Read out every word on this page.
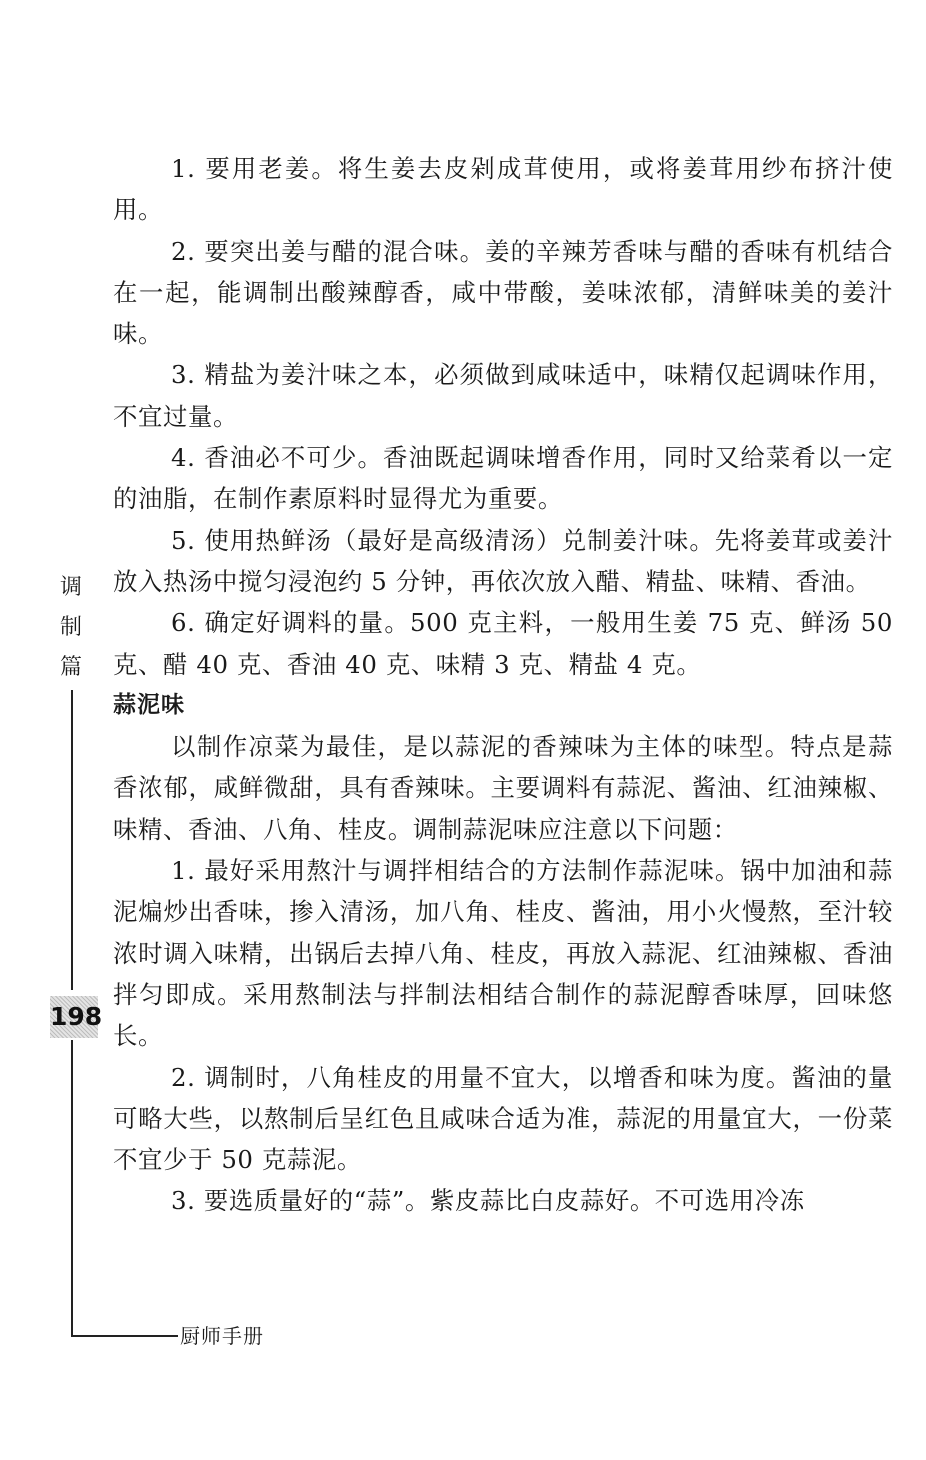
1. 要用老姜。将生姜去皮剁成茸使用，或将姜茸用纱布挤汁使用。

2. 要突出姜与醋的混合味。姜的辛辣芳香味与醋的香味有机结合在一起，能调制出酸辣醇香，咸中带酸，姜味浓郁，清鲜味美的姜汁味。

3. 精盐为姜汁味之本，必须做到咸味适中，味精仅起调味作用，不宜过量。

4. 香油必不可少。香油既起调味增香作用，同时又给菜肴以一定的油脂，在制作素原料时显得尤为重要。

5. 使用热鲜汤（最好是高级清汤）兑制姜汁味。先将姜茸或姜汁放入热汤中搅匀浸泡约 5 分钟，再依次放入醋、精盐、味精、香油。

6. 确定好调料的量。500 克主料，一般用生姜 75 克、鲜汤 50 克、醋 40 克、香油 40 克、味精 3 克、精盐 4 克。

蒜泥味

以制作凉菜为最佳，是以蒜泥的香辣味为主体的味型。特点是蒜香浓郁，咸鲜微甜，具有香辣味。主要调料有蒜泥、酱油、红油辣椒、味精、香油、八角、桂皮。调制蒜泥味应注意以下问题：

1. 最好采用熬汁与调拌相结合的方法制作蒜泥味。锅中加油和蒜泥煸炒出香味，掺入清汤，加八角、桂皮、酱油，用小火慢熬，至汁较浓时调入味精，出锅后去掉八角、桂皮，再放入蒜泥、红油辣椒、香油拌匀即成。采用熬制法与拌制法相结合制作的蒜泥醇香味厚，回味悠长。

2. 调制时，八角桂皮的用量不宜大，以增香和味为度。酱油的量可略大些，以熬制后呈红色且咸味合适为准，蒜泥的用量宜大，一份菜不宜少于 50 克蒜泥。

3. 要选质量好的“蒜”。紫皮蒜比白皮蒜好。不可选用冷冻

调
制
篇
198
厨师手册
